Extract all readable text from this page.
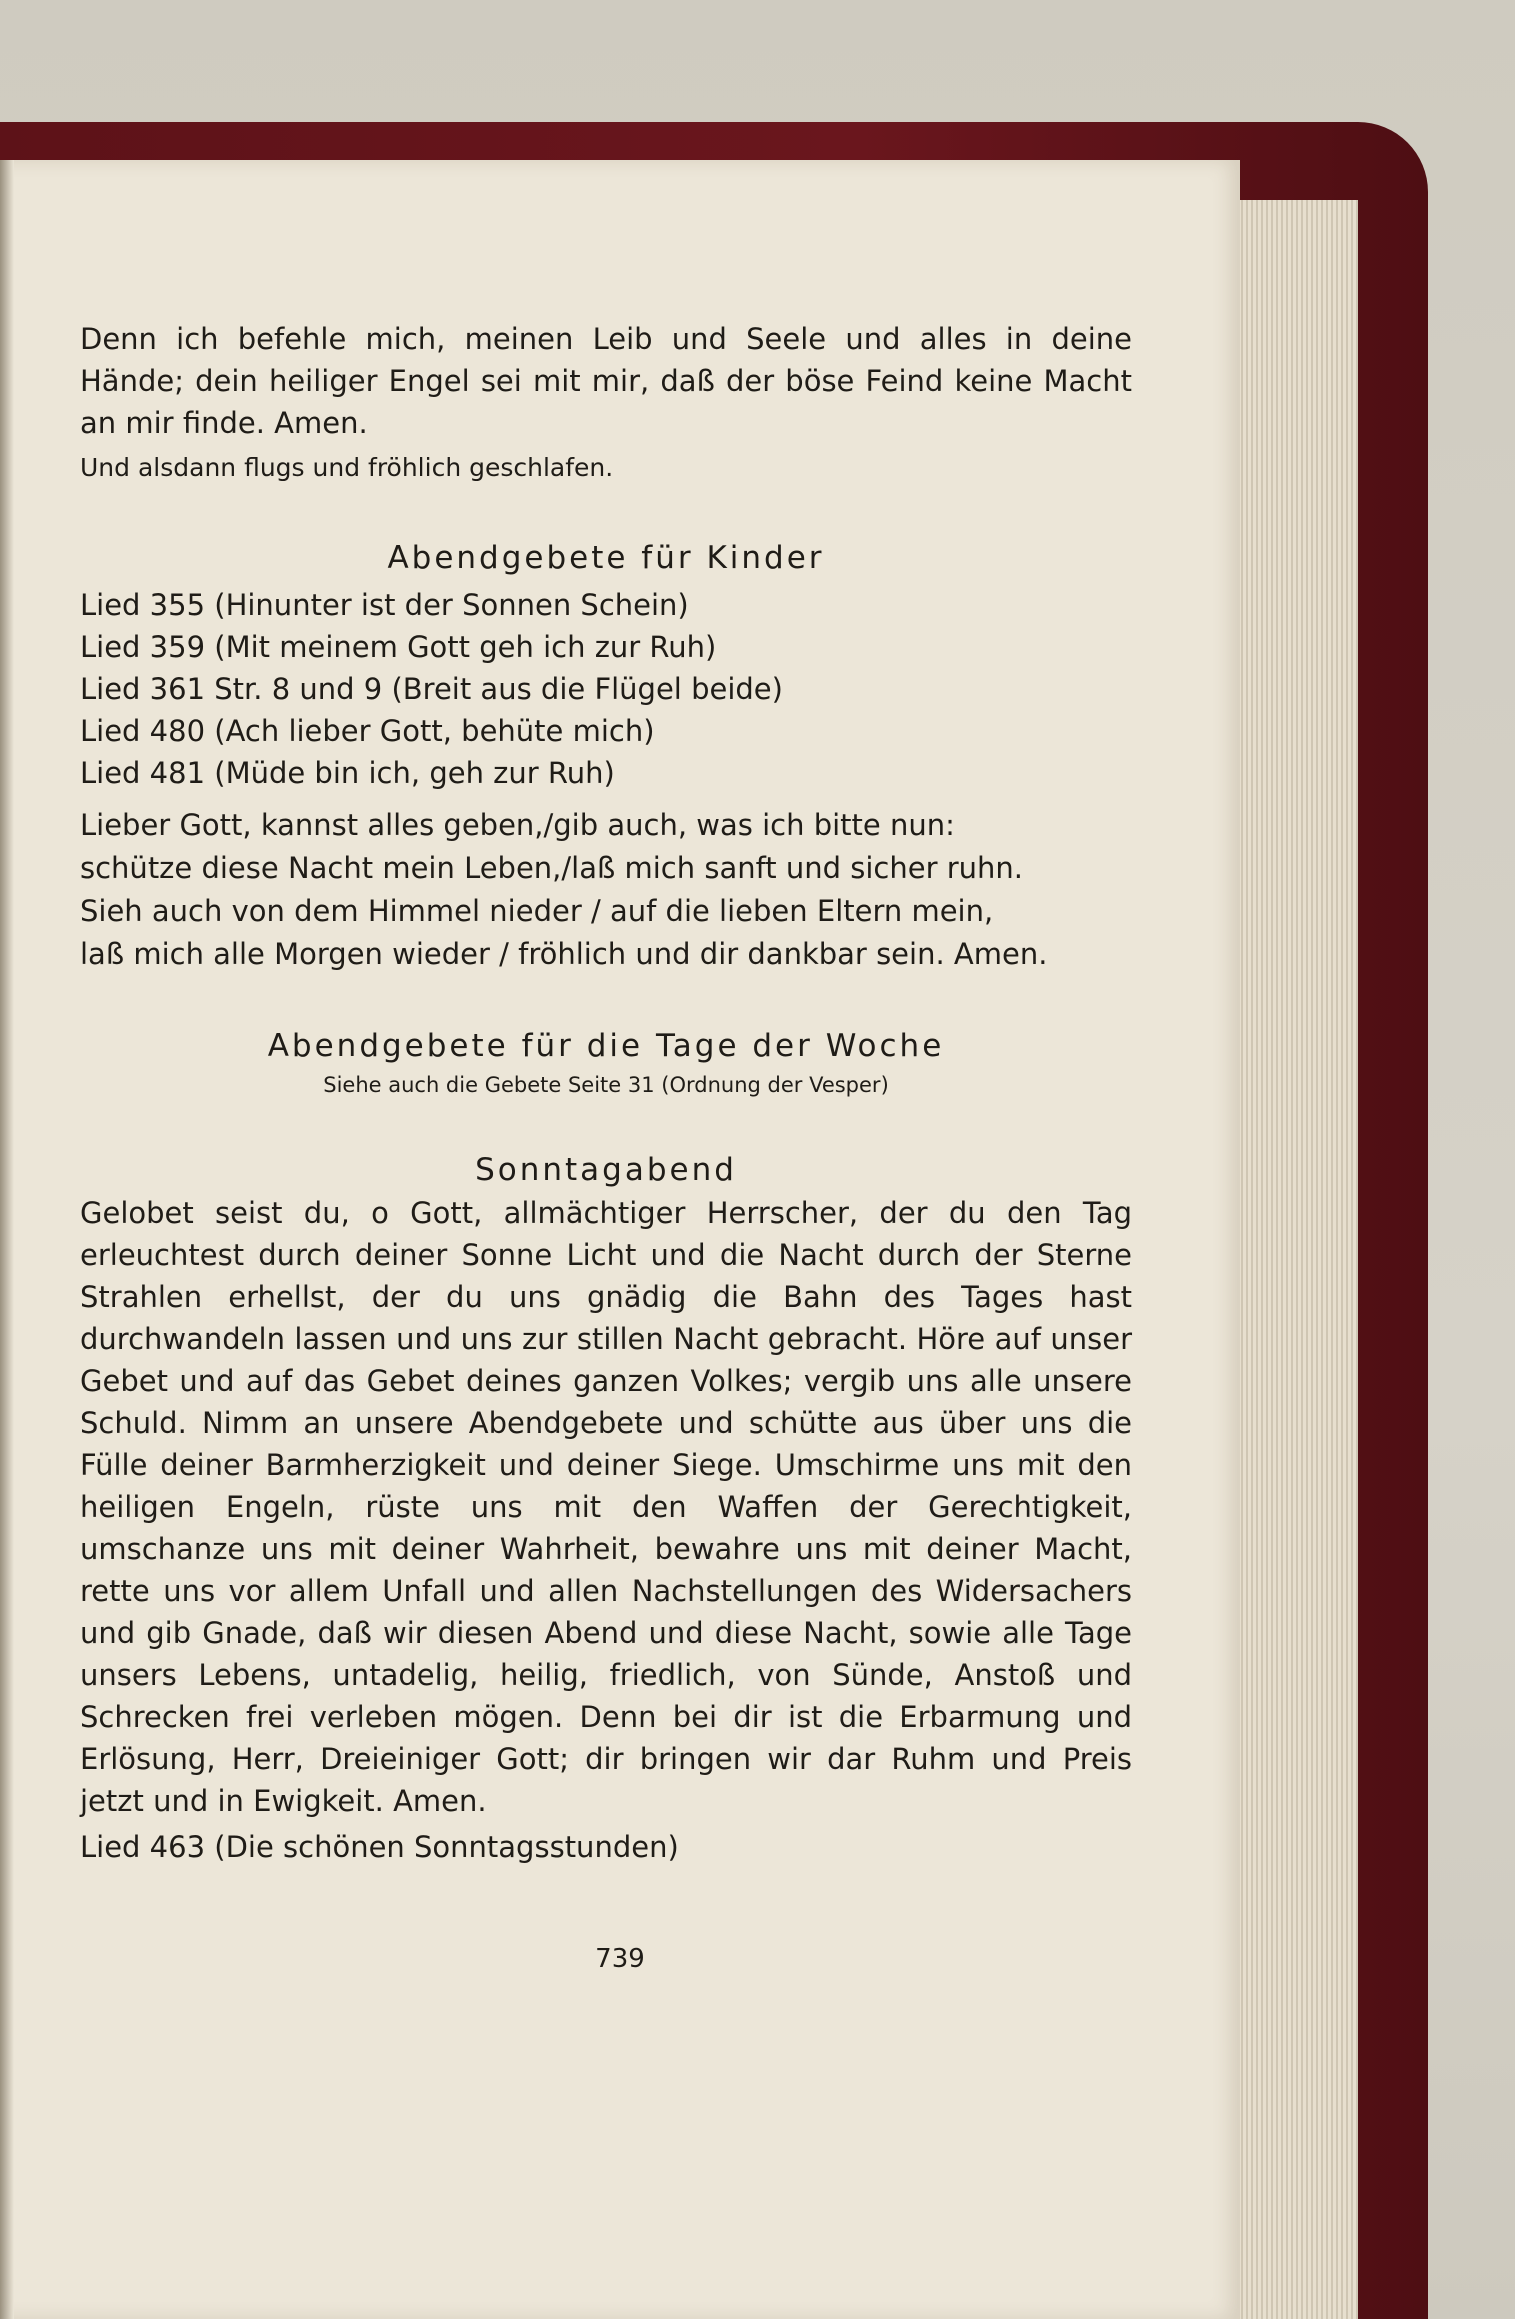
Denn ich befehle mich, meinen Leib und Seele und alles in deine Hände; dein heiliger Engel sei mit mir, daß der böse Feind keine Macht an mir finde. Amen.

Und alsdann flugs und fröhlich geschlafen.

Abendgebete für Kinder

Lied 355 (Hinunter ist der Sonnen Schein)

Lied 359 (Mit meinem Gott geh ich zur Ruh)

Lied 361 Str. 8 und 9 (Breit aus die Flügel beide)

Lied 480 (Ach lieber Gott, behüte mich)

Lied 481 (Müde bin ich, geh zur Ruh)

Lieber Gott, kannst alles geben,/gib auch, was ich bitte nun:

schütze diese Nacht mein Leben,/laß mich sanft und sicher ruhn.

Sieh auch von dem Himmel nieder / auf die lieben Eltern mein,

laß mich alle Morgen wieder / fröhlich und dir dankbar sein. Amen.

Abendgebete für die Tage der Woche

Siehe auch die Gebete Seite 31 (Ordnung der Vesper)

Sonntagabend

Gelobet seist du, o Gott, allmächtiger Herrscher, der du den Tag erleuchtest durch deiner Sonne Licht und die Nacht durch der Sterne Strahlen erhellst, der du uns gnädig die Bahn des Tages hast durchwandeln lassen und uns zur stillen Nacht gebracht. Höre auf unser Gebet und auf das Gebet deines ganzen Volkes; vergib uns alle unsere Schuld. Nimm an unsere Abendgebete und schütte aus über uns die Fülle deiner Barmherzigkeit und deiner Siege. Umschirme uns mit den heiligen Engeln, rüste uns mit den Waffen der Gerechtigkeit, umschanze uns mit deiner Wahrheit, bewahre uns mit deiner Macht, rette uns vor allem Unfall und allen Nachstellungen des Widersachers und gib Gnade, daß wir diesen Abend und diese Nacht, sowie alle Tage unsers Lebens, untadelig, heilig, friedlich, von Sünde, Anstoß und Schrecken frei verleben mögen. Denn bei dir ist die Erbarmung und Erlösung, Herr, Dreieiniger Gott; dir bringen wir dar Ruhm und Preis jetzt und in Ewigkeit. Amen.

Lied 463 (Die schönen Sonntagsstunden)

739
